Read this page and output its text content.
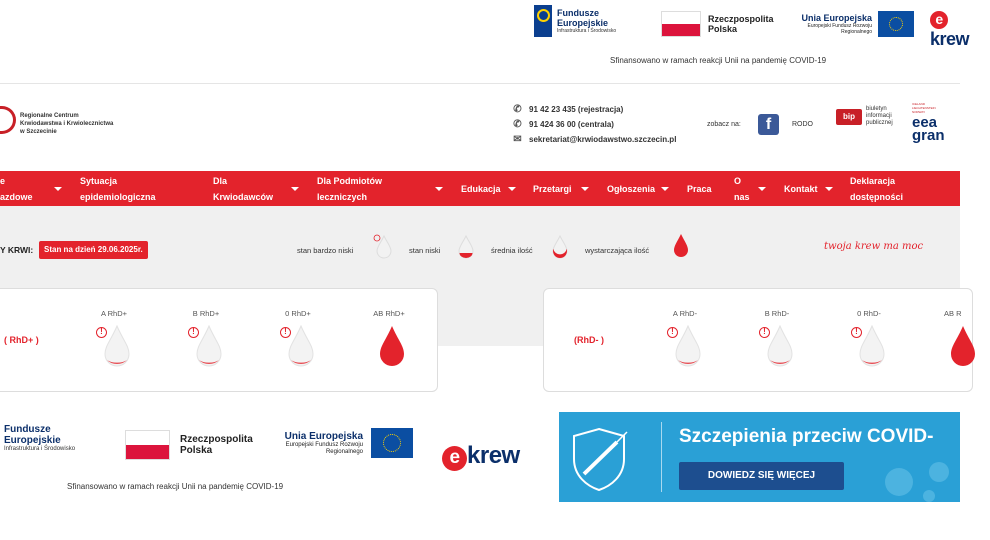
Fundusze Europejskie
Infrastruktura i Środowisko
Rzeczpospolita Polska
Unia Europejska
Europejski Fundusz Rozwoju Regionalnego
ekrew
Sfinansowano w ramach reakcji Unii na pandemię COVID-19
Regionalne Centrum
Krwiodawstwa i Krwiolecznictwa
w Szczecinie
✆ 91 42 23 435 (rejestracja)
✆ 91 424 36 00 (centrala)
✉ sekretariat@krwiodawstwo.szczecin.pl
zobacz na:	f	RODO
bip
biuletyn
informacji
publicznej
ICELAND
LIECHTENSTEIN
NORWAY
eea
gran
e
azdowe
Sytuacja
epidemiologiczna
Dla
Krwiodawców
Dla Podmiotów
leczniczych
Edukacja	Przetargi	Ogłoszenia	Praca
O
nas
Kontakt
Deklaracja
dostępności
Y KRWI:	Stan na dzień 29.06.2025r.	stan bardzo niski	stan niski	średnia ilość	wystarczająca ilość	twoja krew ma moc
( RhD+ )
A RhD+	B RhD+	0 RhD+	AB RhD+
(RhD- )
A RhD-	B RhD-	0 RhD-	AB R
!	!	!	!	!	!
Fundusze Europejskie
Infrastruktura i Środowisko
Rzeczpospolita Polska
Unia Europejska
Europejski Fundusz Rozwoju Regionalnego
Sfinansowano w ramach reakcji Unii na pandemię COVID-19
e krew
Szczepienia przeciw COVID-
DOWIEDZ SIĘ WIĘCEJ
